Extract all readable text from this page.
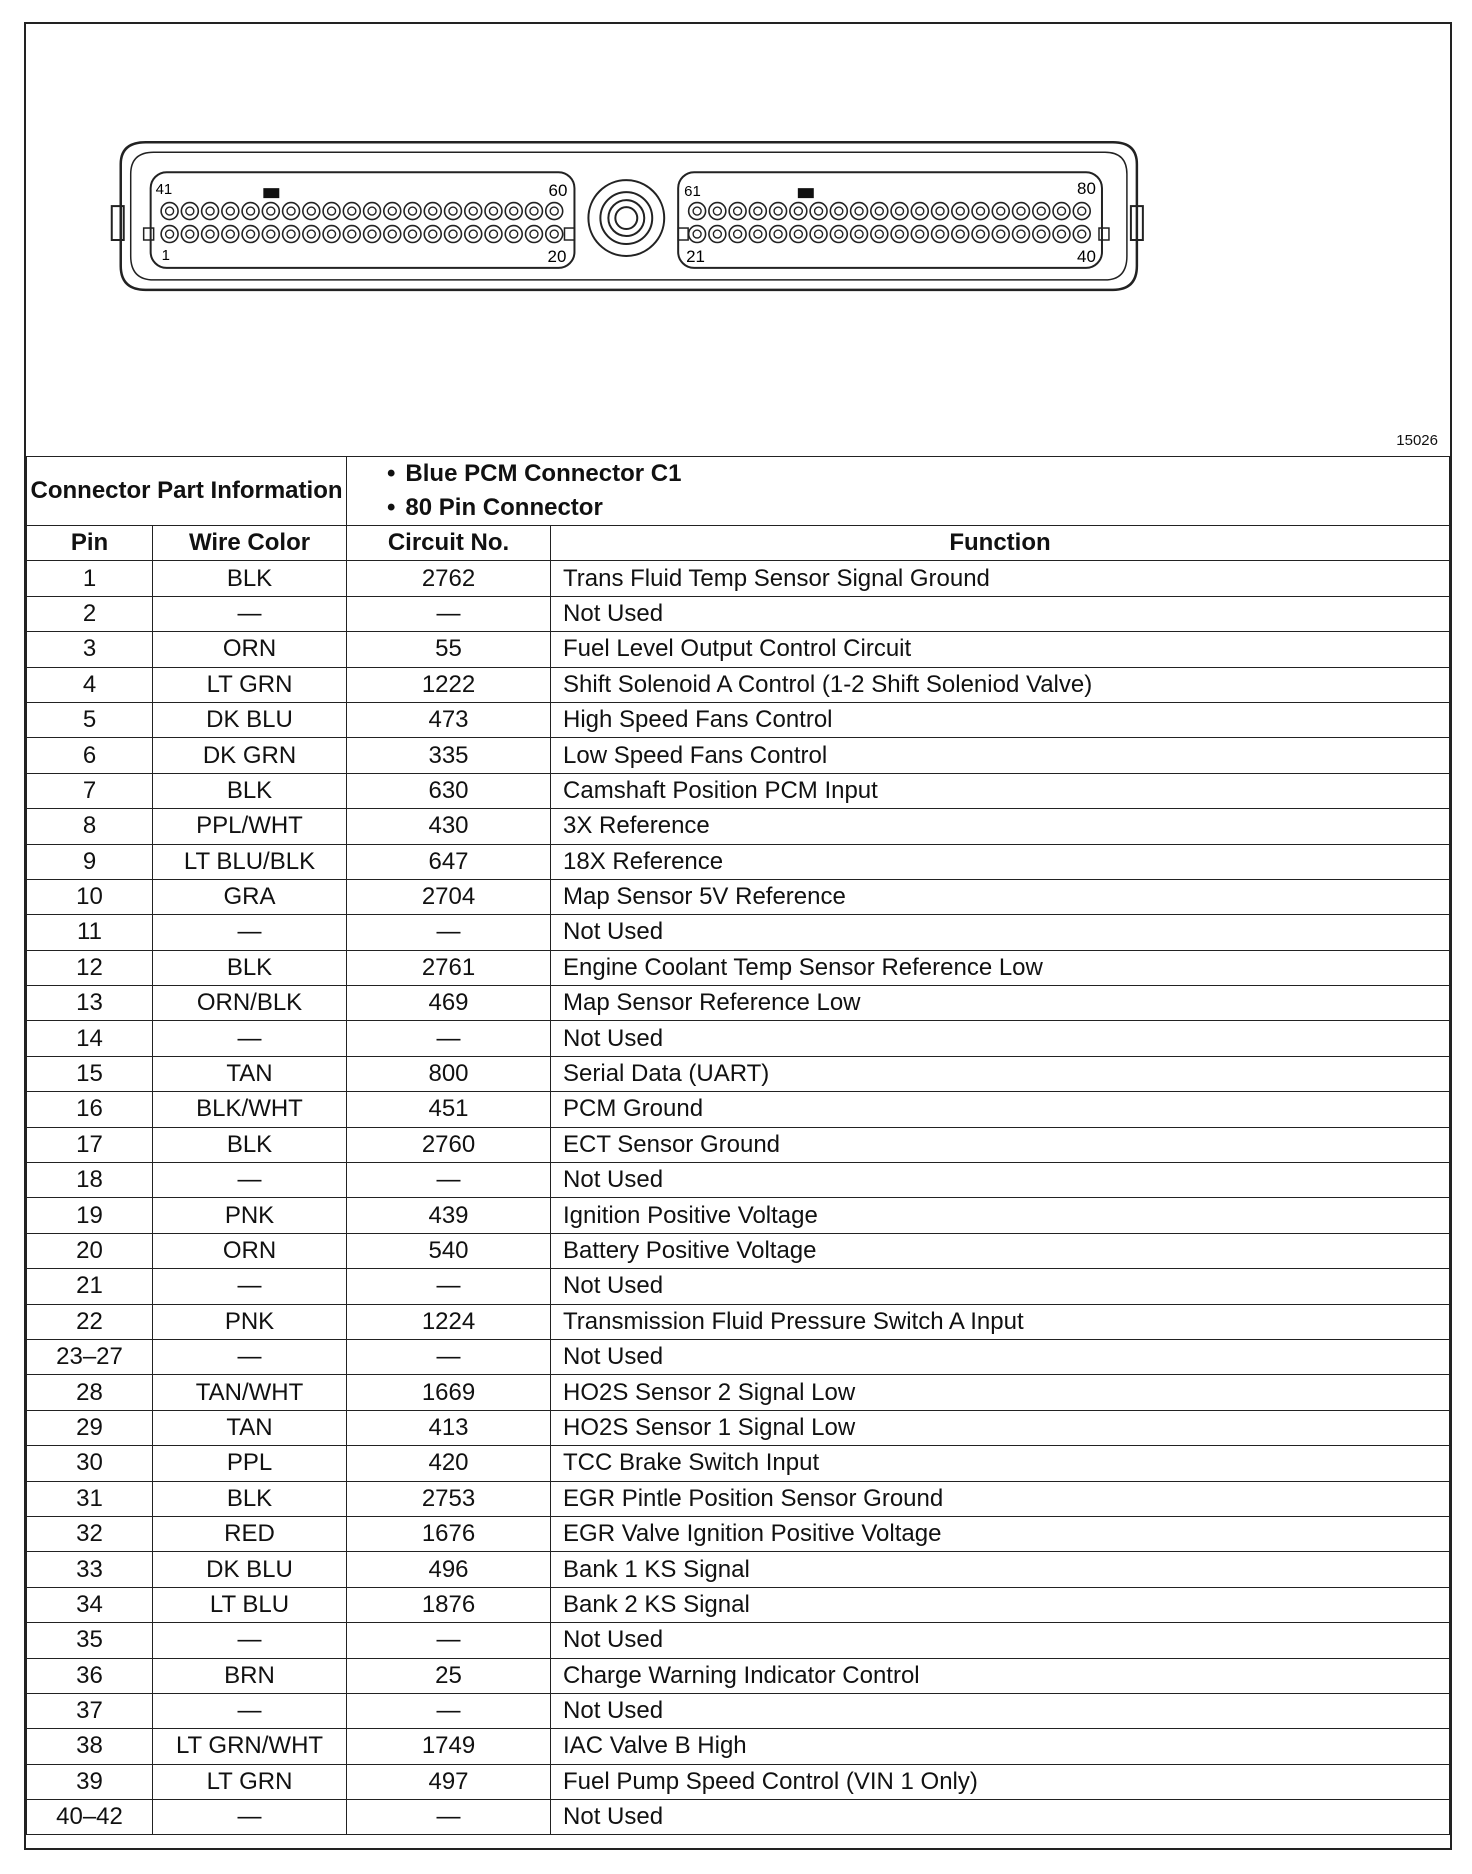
41	60
1	20
61	80
21	40
15026
Connector Part Information		• Blue PCM Connector C1
• 80 Pin Connector

Pin	Wire Color	Circuit No.	Function
1	BLK	2762	Trans Fluid Temp Sensor Signal Ground
2	—	—	Not Used
3	ORN	55	Fuel Level Output Control Circuit
4	LT GRN	1222	Shift Solenoid A Control (1-2 Shift Soleniod Valve)
5	DK BLU	473	High Speed Fans Control
6	DK GRN	335	Low Speed Fans Control
7	BLK	630	Camshaft Position PCM Input
8	PPL/WHT	430	3X Reference
9	LT BLU/BLK	647	18X Reference
10	GRA	2704	Map Sensor 5V Reference
11	—	—	Not Used
12	BLK	2761	Engine Coolant Temp Sensor Reference Low
13	ORN/BLK	469	Map Sensor Reference Low
14	—	—	Not Used
15	TAN	800	Serial Data (UART)
16	BLK/WHT	451	PCM Ground
17	BLK	2760	ECT Sensor Ground
18	—	—	Not Used
19	PNK	439	Ignition Positive Voltage
20	ORN	540	Battery Positive Voltage
21	—	—	Not Used
22	PNK	1224	Transmission Fluid Pressure Switch A Input
23–27	—	—	Not Used
28	TAN/WHT	1669	HO2S Sensor 2 Signal Low
29	TAN	413	HO2S Sensor 1 Signal Low
30	PPL	420	TCC Brake Switch Input
31	BLK	2753	EGR Pintle Position Sensor Ground
32	RED	1676	EGR Valve Ignition Positive Voltage
33	DK BLU	496	Bank 1 KS Signal
34	LT BLU	1876	Bank 2 KS Signal
35	—	—	Not Used
36	BRN	25	Charge Warning Indicator Control
37	—	—	Not Used
38	LT GRN/WHT	1749	IAC Valve B High
39	LT GRN	497	Fuel Pump Speed Control (VIN 1 Only)
40–42	—	—	Not Used
